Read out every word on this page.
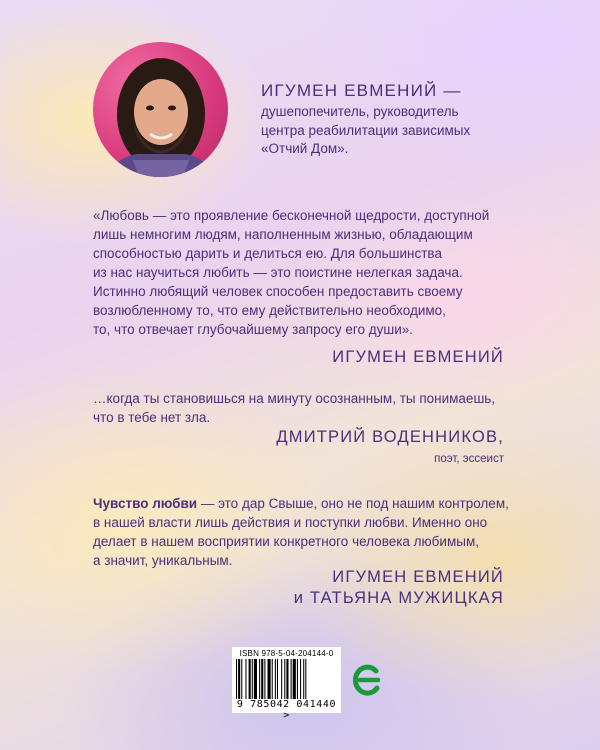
ИГУМЕН ЕВМЕНИЙ —
душепопечитель, руководитель
центра реабилитации зависимых
«Отчий Дом».
«Любовь — это проявление бесконечной щедрости, доступной
лишь немногим людям, наполненным жизнью, обладающим
способностью дарить и делиться ею. Для большинства
из нас научиться любить — это поистине нелегкая задача.
Истинно любящий человек способен предоставить своему
возлюбленному то, что ему действительно необходимо,
то, что отвечает глубочайшему запросу его души».
ИГУМЕН ЕВМЕНИЙ
…когда ты становишься на минуту осознанным, ты понимаешь,
что в тебе нет зла.
ДМИТРИЙ ВОДЕННИКОВ,
поэт, эссеист
Чувство любви — это дар Свыше, оно не под нашим контролем,
в нашей власти лишь действия и поступки любви. Именно оно
делает в нашем восприятии конкретного человека любимым,
а значит, уникальным.
ИГУМЕН ЕВМЕНИЙ
и ТАТЬЯНА МУЖИЦКАЯ
ISBN 978-5-04-204144-0
9 785042 041440 >
